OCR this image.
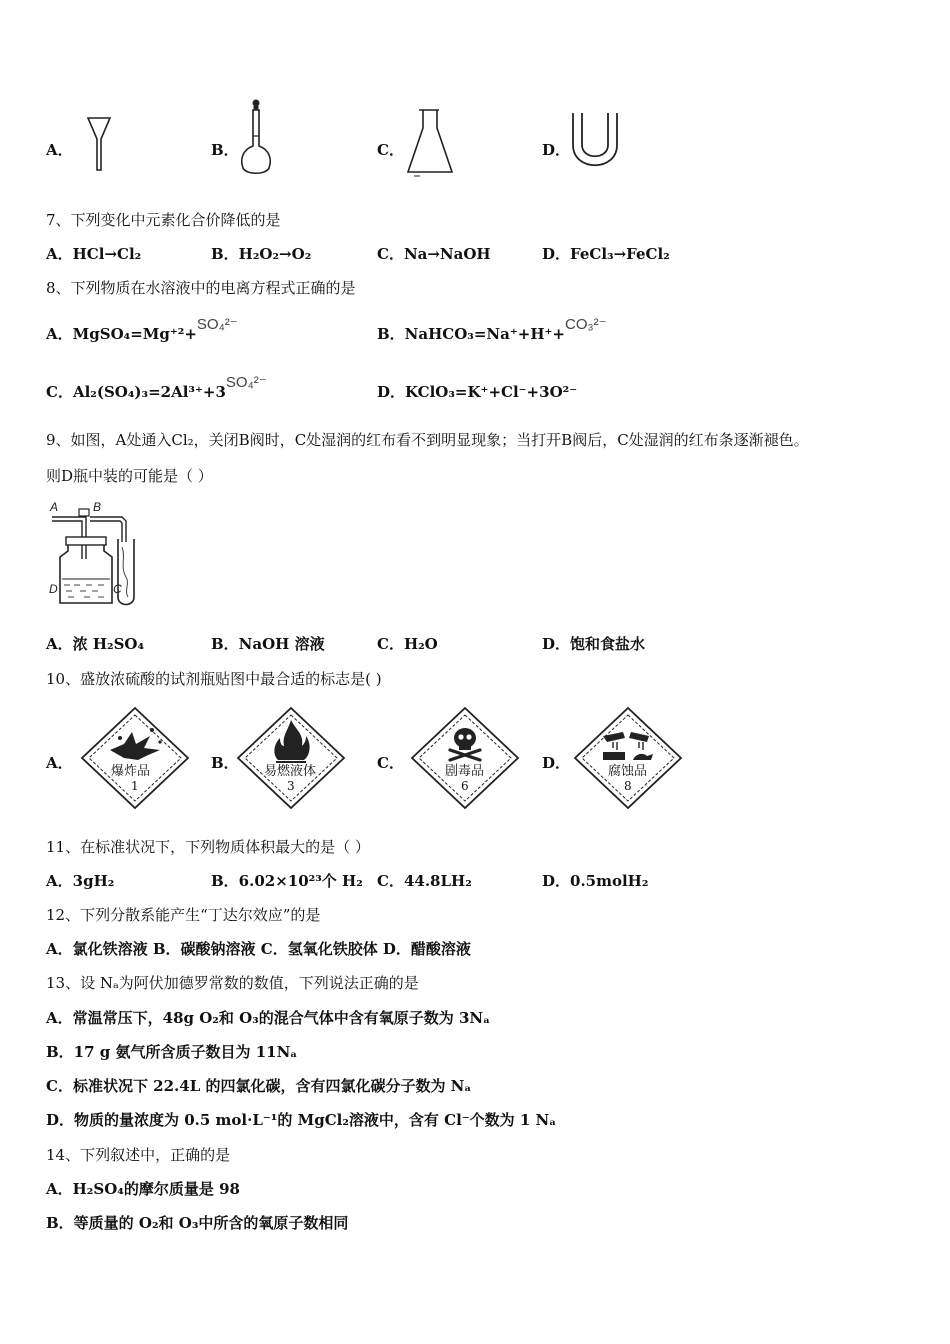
A．	B．	C．	D．
7、下列变化中元素化合价降低的是
A．HCl→Cl₂	B．H₂O₂→O₂	C．Na→NaOH	D．FeCl₃→FeCl₂
8、下列物质在水溶液中的电离方程式正确的是
A．MgSO₄=Mg⁺²+SO₄²⁻
B．NaHCO₃=Na⁺+H⁺+CO₃²⁻
C．Al₂(SO₄)₃=2Al³⁺+3SO₄²⁻
D．KClO₃=K⁺+Cl⁻+3O²⁻
9、如图，A处通入Cl₂，关闭B阀时，C处湿润的红布看不到明显现象；当打开B阀后，C处湿润的红布条逐渐褪色。
则D瓶中装的可能是（ ）
A	B
D	C
A．浓 H₂SO₄	B．NaOH 溶液	C．H₂O	D．饱和食盐水
10、盛放浓硫酸的试剂瓶贴图中最合适的标志是( )
A．	爆炸品
1
B． 易燃液体
3
C．	剧毒品
6
D．	腐蚀品
8
11、在标准状况下，下列物质体积最大的是（ ）
A．3gH₂	B．6.02×10²³个 H₂ C．44.8LH₂	D．0.5molH₂
12、下列分散系能产生“丁达尔效应”的是
A．氯化铁溶液 B．碳酸钠溶液 C．氢氧化铁胶体 D．醋酸溶液
13、设 Nₐ为阿伏加德罗常数的数值，下列说法正确的是
A．常温常压下，48g O₂和 O₃的混合气体中含有氧原子数为 3Nₐ
B．17 g 氨气所含质子数目为 11Nₐ
C．标准状况下 22.4L 的四氯化碳，含有四氯化碳分子数为 Nₐ
D．物质的量浓度为 0.5 mol·L⁻¹的 MgCl₂溶液中，含有 Cl⁻个数为 1 Nₐ
14、下列叙述中，正确的是
A．H₂SO₄的摩尔质量是 98
B．等质量的 O₂和 O₃中所含的氧原子数相同
